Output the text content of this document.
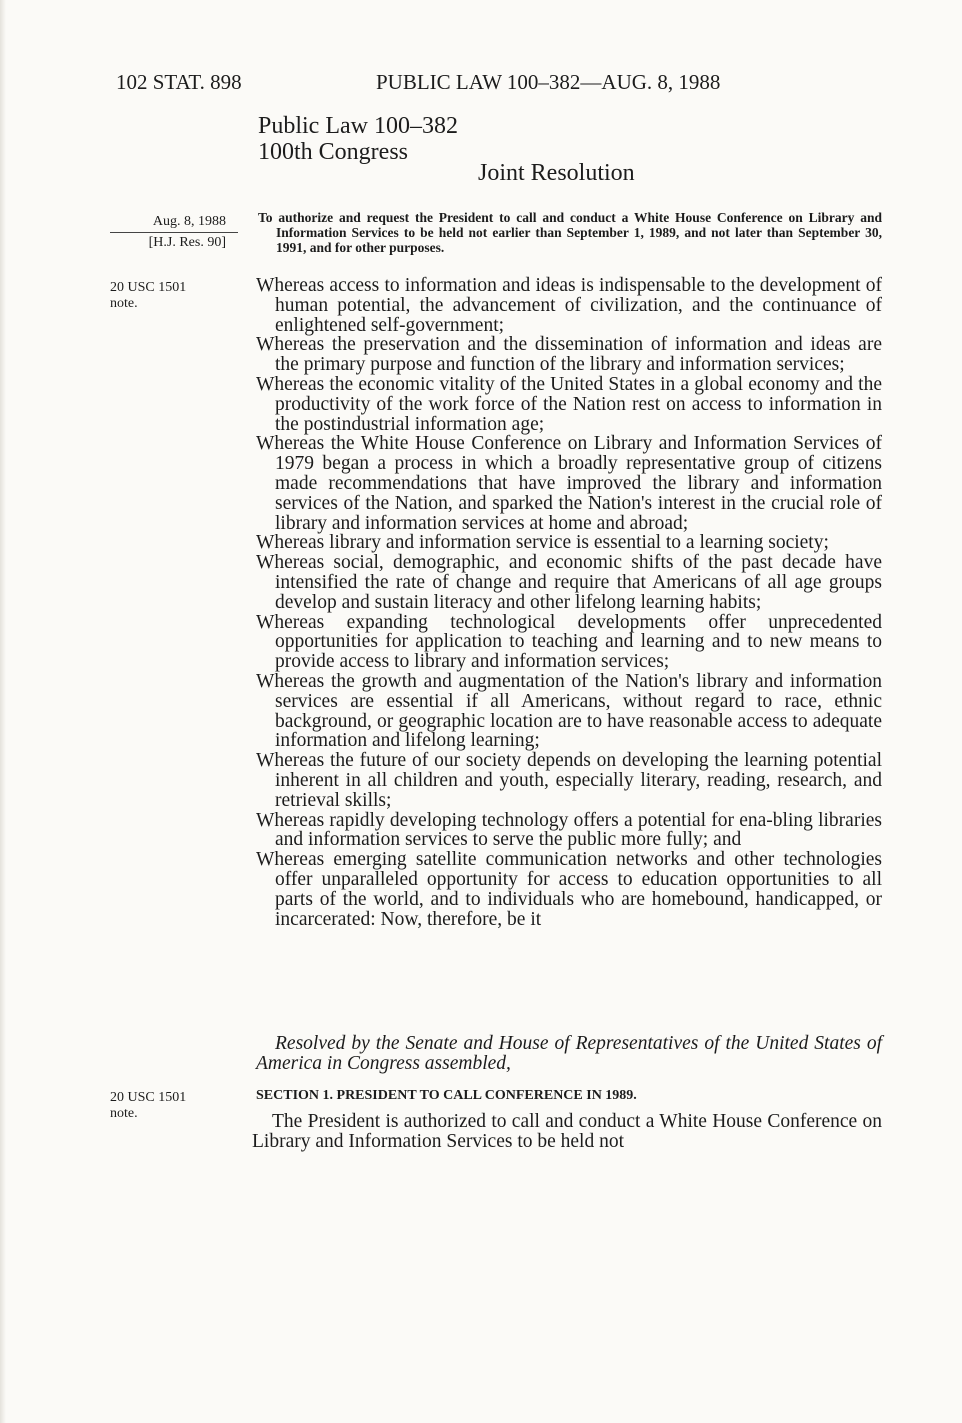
102 STAT. 898	PUBLIC LAW 100–382—AUG. 8, 1988
Public Law 100–382
100th Congress
Joint Resolution
Aug. 8, 1988
[H.J. Res. 90]
To authorize and request the President to call and conduct a White House Conference on Library and Information Services to be held not earlier than September 1, 1989, and not later than September 30, 1991, and for other purposes.
20 USC 1501
note.
Whereas access to information and ideas is indispensable to the development of human potential, the advancement of civilization, and the continuance of enlightened self-government;
Whereas the preservation and the dissemination of information and ideas are the primary purpose and function of the library and information services;
Whereas the economic vitality of the United States in a global economy and the productivity of the work force of the Nation rest on access to information in the postindustrial information age;
Whereas the White House Conference on Library and Information Services of 1979 began a process in which a broadly representative group of citizens made recommendations that have improved the library and information services of the Nation, and sparked the Nation's interest in the crucial role of library and information services at home and abroad;
Whereas library and information service is essential to a learning society;
Whereas social, demographic, and economic shifts of the past decade have intensified the rate of change and require that Americans of all age groups develop and sustain literacy and other lifelong learning habits;
Whereas expanding technological developments offer unprecedented opportunities for application to teaching and learning and to new means to provide access to library and information services;
Whereas the growth and augmentation of the Nation's library and information services are essential if all Americans, without regard to race, ethnic background, or geographic location are to have reasonable access to adequate information and lifelong learning;
Whereas the future of our society depends on developing the learning potential inherent in all children and youth, especially literary, reading, research, and retrieval skills;
Whereas rapidly developing technology offers a potential for ena-bling libraries and information services to serve the public more fully; and
Whereas emerging satellite communication networks and other technologies offer unparalleled opportunity for access to education opportunities to all parts of the world, and to individuals who are homebound, handicapped, or incarcerated: Now, therefore, be it
Resolved by the Senate and House of Representatives of the United States of America in Congress assembled,
20 USC 1501
note.
SECTION 1. PRESIDENT TO CALL CONFERENCE IN 1989.
The President is authorized to call and conduct a White House Conference on Library and Information Services to be held not
